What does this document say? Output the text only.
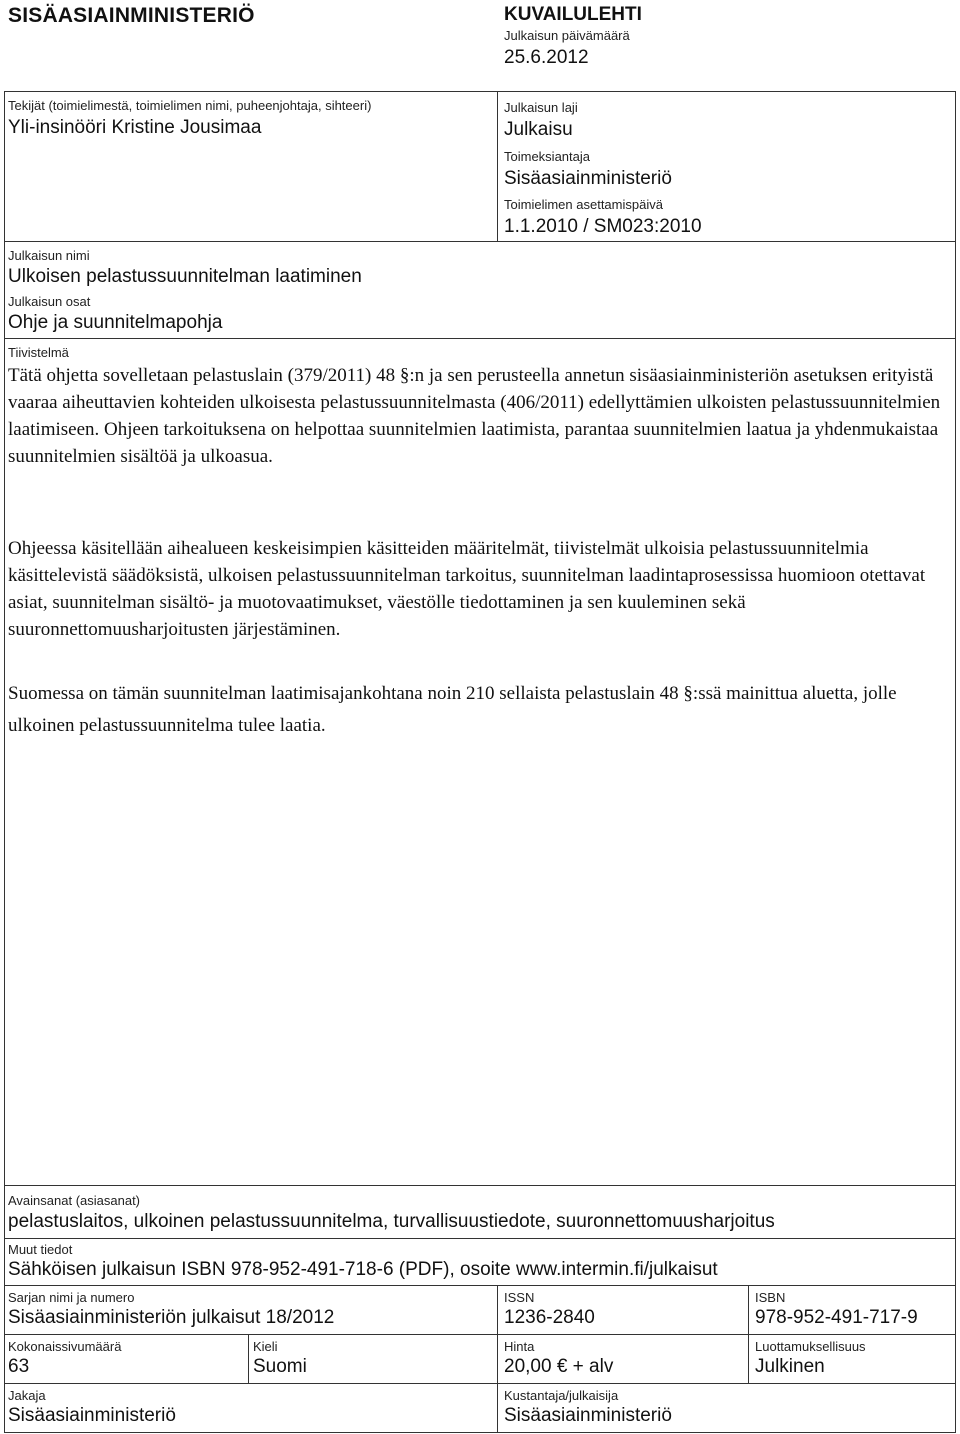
SISÄASIAINMINISTERIÖ	KUVAILULEHTI
Julkaisun päivämäärä
25.6.2012
Tekijät (toimielimestä, toimielimen nimi, puheenjohtaja, sihteeri)
Yli-insinööri Kristine Jousimaa
Julkaisun laji
Julkaisu
Toimeksiantaja
Sisäasiainministeriö
Toimielimen asettamispäivä
1.1.2010 / SM023:2010
Julkaisun nimi
Ulkoisen pelastussuunnitelman laatiminen
Julkaisun osat
Ohje ja suunnitelmapohja
Tiivistelmä
Tätä ohjetta sovelletaan pelastuslain (379/2011) 48 §:n ja sen perusteella annetun sisäasiainministeriön asetuksen erityistä vaaraa aiheuttavien kohteiden ulkoisesta pelastussuunnitelmasta (406/2011) edellyttämien ulkoisten pelastussuunnitelmien laatimiseen. Ohjeen tarkoituksena on helpottaa suunnitelmien laatimista, parantaa suunnitelmien laatua ja yhdenmukaistaa suunnitelmien sisältöä ja ulkoasua.
Ohjeessa käsitellään aihealueen keskeisimpien käsitteiden määritelmät, tiivistelmät ulkoisia pelastussuunnitelmia käsittelevistä säädöksistä, ulkoisen pelastussuunnitelman tarkoitus, suunnitelman laadintaprosessissa huomioon otettavat asiat, suunnitelman sisältö- ja muotovaatimukset, väestölle tiedottaminen ja sen kuuleminen sekä suuronnettomuusharjoitusten järjestäminen.
Suomessa on tämän suunnitelman laatimisajankohtana noin 210 sellaista pelastuslain 48 §:ssä mainittua aluetta, jolle ulkoinen pelastussuunnitelma tulee laatia.
Avainsanat (asiasanat)
pelastuslaitos, ulkoinen pelastussuunnitelma, turvallisuustiedote, suuronnettomuusharjoitus
Muut tiedot
Sähköisen julkaisun ISBN 978-952-491-718-6 (PDF), osoite www.intermin.fi/julkaisut
Sarjan nimi ja numero
Sisäasiainministeriön julkaisut 18/2012
ISSN
1236-2840
ISBN
978-952-491-717-9
Kokonaissivumäärä
63
Kieli
Suomi
Hinta
20,00 € + alv
Luottamuksellisuus
Julkinen
Jakaja
Sisäasiainministeriö
Kustantaja/julkaisija
Sisäasiainministeriö
